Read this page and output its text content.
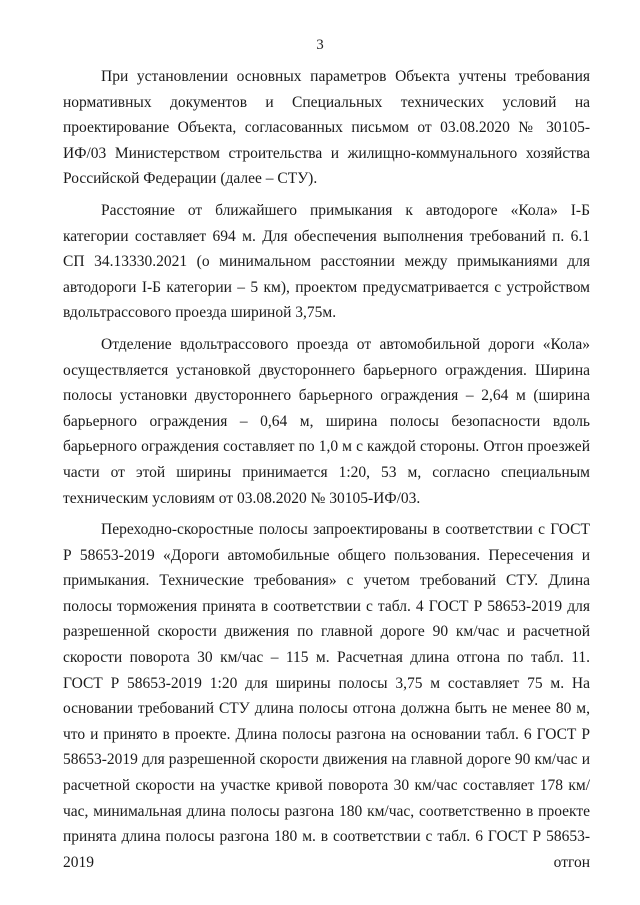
3

При установлении основных параметров Объекта учтены требования нормативных документов и Специальных технических условий на проектирование Объекта, согласованных письмом от 03.08.2020 № 30105-ИФ/03 Министерством строительства и жилищно-коммунального хозяйства Российской Федерации (далее – СТУ).

Расстояние от ближайшего примыкания к автодороге «Кола» I-Б категории составляет 694 м. Для обеспечения выполнения требований п. 6.1 СП 34.13330.2021 (о минимальном расстоянии между примыканиями для автодороги I-Б категории – 5 км), проектом предусматривается с устройством вдольтрассового проезда шириной 3,75м.

Отделение вдольтрассового проезда от автомобильной дороги «Кола» осуществляется установкой двустороннего барьерного ограждения. Ширина полосы установки двустороннего барьерного ограждения – 2,64 м (ширина барьерного ограждения – 0,64 м, ширина полосы безопасности вдоль барьерного ограждения составляет по 1,0 м с каждой стороны. Отгон проезжей части от этой ширины принимается 1:20, 53 м, согласно специальным техническим условиям от 03.08.2020 № 30105-ИФ/03.

Переходно-скоростные полосы запроектированы в соответствии с ГОСТ Р 58653-2019 «Дороги автомобильные общего пользования. Пересечения и примыкания. Технические требования» с учетом требований СТУ. Длина полосы торможения принята в соответствии с табл. 4 ГОСТ Р 58653-2019 для разрешенной скорости движения по главной дороге 90 км/час и расчетной скорости поворота 30 км/час – 115 м. Расчетная длина отгона по табл. 11. ГОСТ Р 58653-2019 1:20 для ширины полосы 3,75 м составляет 75 м. На основании требований СТУ длина полосы отгона должна быть не менее 80 м, что и принято в проекте. Длина полосы разгона на основании табл. 6 ГОСТ Р 58653-2019 для разрешенной скорости движения на главной дороге 90 км/час и расчетной скорости на участке кривой поворота 30 км/час составляет 178 км/час, минимальная длина полосы разгона 180 км/час, соответственно в проекте принята длина полосы разгона 180 м. в соответствии с табл. 6 ГОСТ Р 58653-2019 отгон
